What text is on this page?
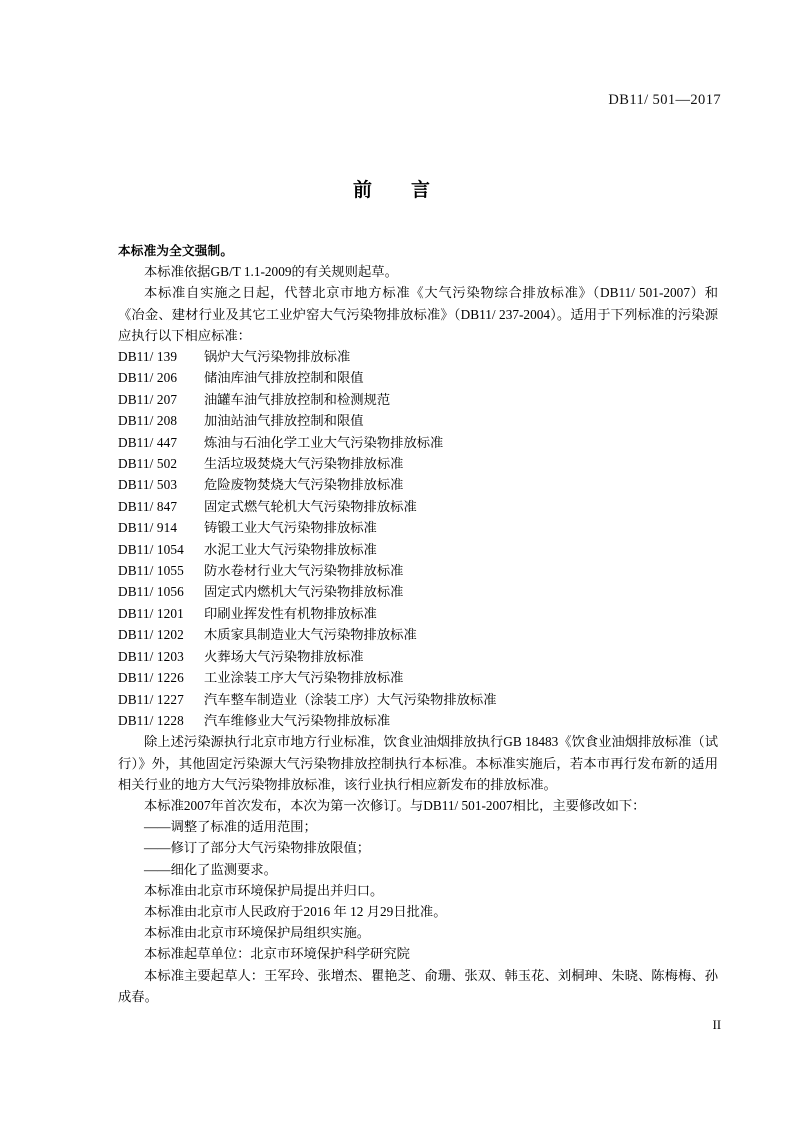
DB11/ 501—2017
前　言

本标准为全文强制。

本标准依据GB/T 1.1-2009的有关规则起草。

本标准自实施之日起，代替北京市地方标准《大气污染物综合排放标准》（DB11/ 501-2007）和《冶金、建材行业及其它工业炉窑大气污染物排放标准》（DB11/ 237-2004）。适用于下列标准的污染源应执行以下相应标准：

DB11/ 139	锅炉大气污染物排放标准
DB11/ 206	储油库油气排放控制和限值
DB11/ 207	油罐车油气排放控制和检测规范
DB11/ 208	加油站油气排放控制和限值
DB11/ 447	炼油与石油化学工业大气污染物排放标准
DB11/ 502	生活垃圾焚烧大气污染物排放标准
DB11/ 503	危险废物焚烧大气污染物排放标准
DB11/ 847	固定式燃气轮机大气污染物排放标准
DB11/ 914	铸锻工业大气污染物排放标准
DB11/ 1054	水泥工业大气污染物排放标准
DB11/ 1055	防水卷材行业大气污染物排放标准
DB11/ 1056	固定式内燃机大气污染物排放标准
DB11/ 1201	印刷业挥发性有机物排放标准
DB11/ 1202	木质家具制造业大气污染物排放标准
DB11/ 1203	火葬场大气污染物排放标准
DB11/ 1226	工业涂装工序大气污染物排放标准
DB11/ 1227	汽车整车制造业（涂装工序）大气污染物排放标准
DB11/ 1228	汽车维修业大气污染物排放标准

除上述污染源执行北京市地方行业标准，饮食业油烟排放执行GB 18483《饮食业油烟排放标准（试行）》外，其他固定污染源大气污染物排放控制执行本标准。本标准实施后，若本市再行发布新的适用相关行业的地方大气污染物排放标准，该行业执行相应新发布的排放标准。

本标准2007年首次发布，本次为第一次修订。与DB11/ 501-2007相比，主要修改如下：

——调整了标准的适用范围；

——修订了部分大气污染物排放限值；

——细化了监测要求。

本标准由北京市环境保护局提出并归口。

本标准由北京市人民政府于2016 年 12 月29日批准。

本标准由北京市环境保护局组织实施。

本标准起草单位：北京市环境保护科学研究院

本标准主要起草人：王军玲、张增杰、瞿艳芝、俞珊、张双、韩玉花、刘桐珅、朱晓、陈梅梅、孙成春。

II
